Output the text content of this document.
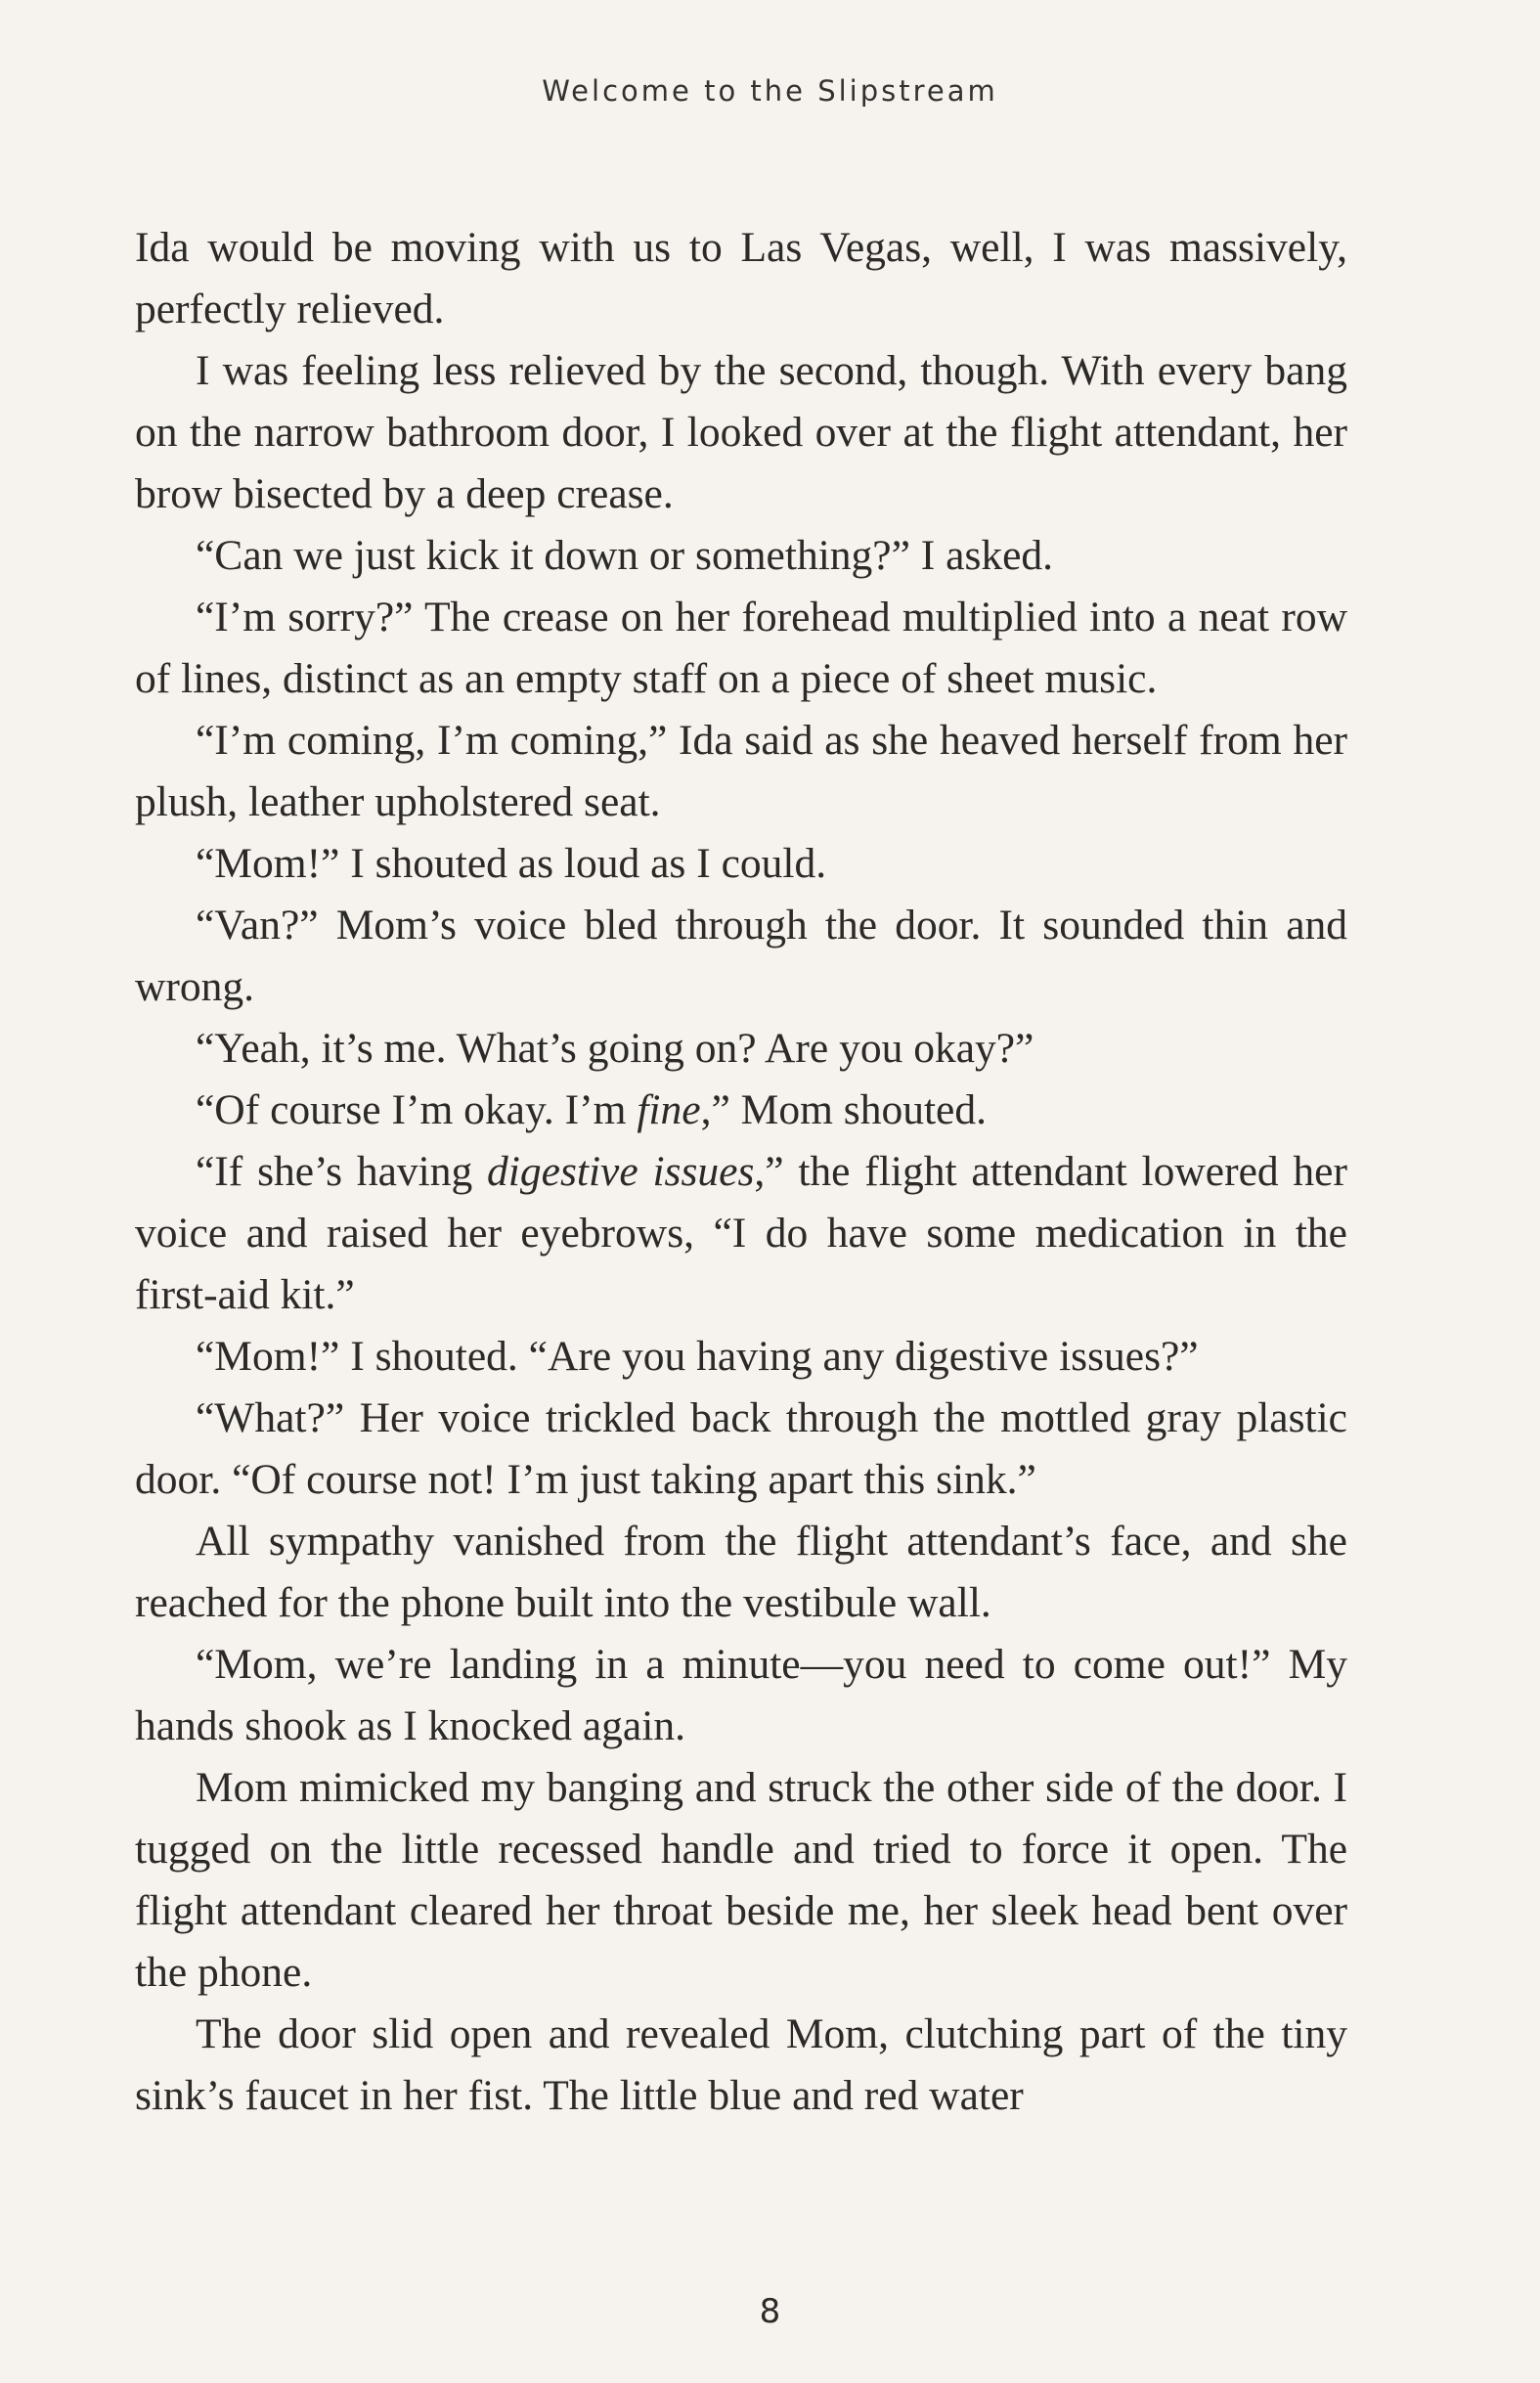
Welcome to the Slipstream

Ida would be moving with us to Las Vegas, well, I was massively, perfectly relieved.

I was feeling less relieved by the second, though. With every bang on the narrow bathroom door, I looked over at the flight attendant, her brow bisected by a deep crease.

“Can we just kick it down or something?” I asked.

“I’m sorry?” The crease on her forehead multiplied into a neat row of lines, distinct as an empty staff on a piece of sheet music.

“I’m coming, I’m coming,” Ida said as she heaved herself from her plush, leather upholstered seat.

“Mom!” I shouted as loud as I could.

“Van?” Mom’s voice bled through the door. It sounded thin and wrong.

“Yeah, it’s me. What’s going on? Are you okay?”

“Of course I’m okay. I’m fine,” Mom shouted.

“If she’s having digestive issues,” the flight attendant lowered her voice and raised her eyebrows, “I do have some medication in the first-aid kit.”

“Mom!” I shouted. “Are you having any digestive issues?”

“What?” Her voice trickled back through the mottled gray plastic door. “Of course not! I’m just taking apart this sink.”

All sympathy vanished from the flight attendant’s face, and she reached for the phone built into the vestibule wall.

“Mom, we’re landing in a minute—you need to come out!” My hands shook as I knocked again.

Mom mimicked my banging and struck the other side of the door. I tugged on the little recessed handle and tried to force it open. The flight attendant cleared her throat beside me, her sleek head bent over the phone.

The door slid open and revealed Mom, clutching part of the tiny sink’s faucet in her fist. The little blue and red water

8
